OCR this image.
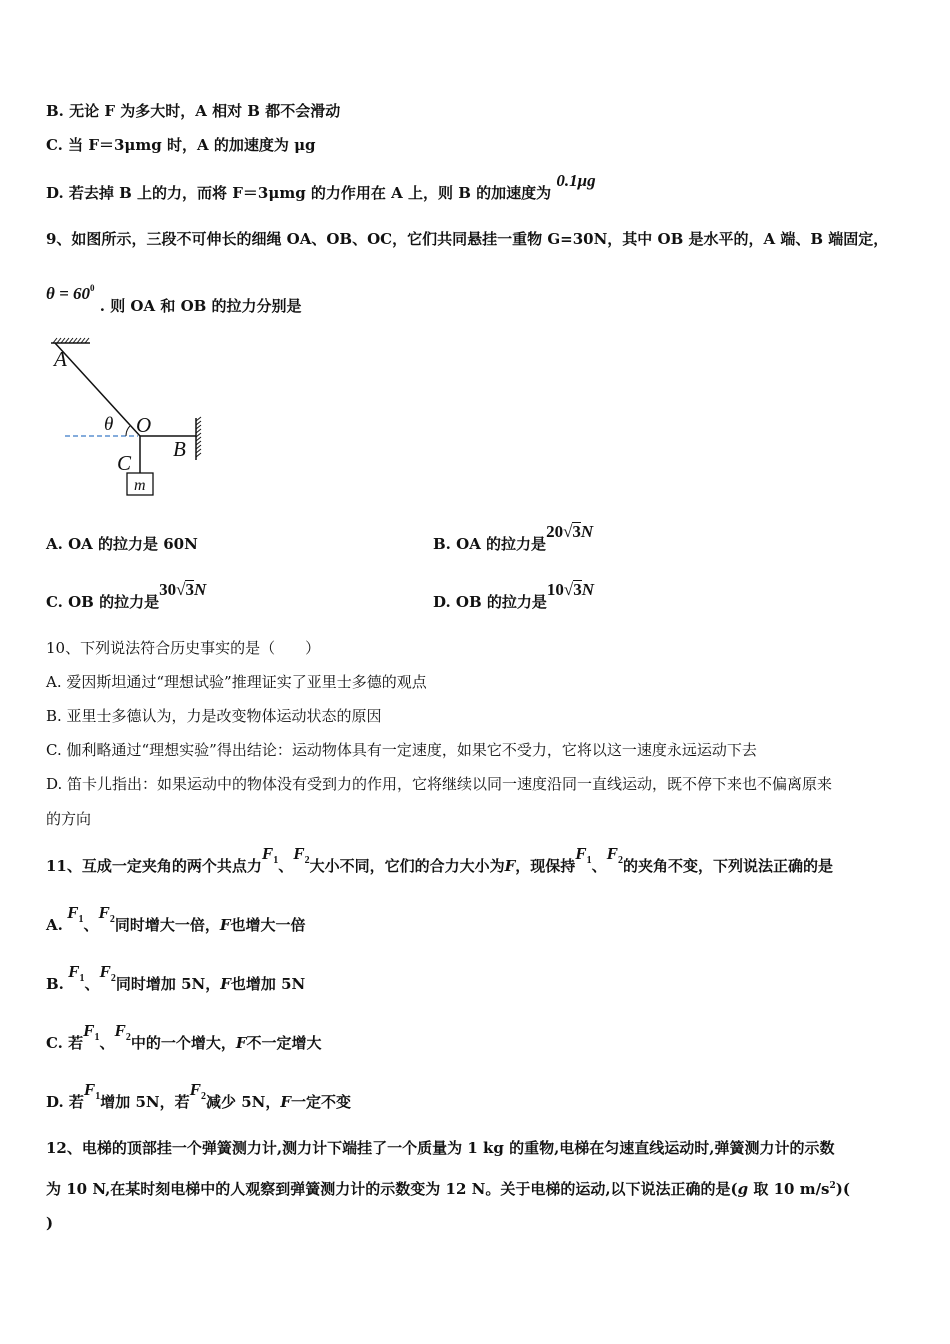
B. 无论 F 为多大时，A 相对 B 都不会滑动
C. 当 F＝3μmg 时，A 的加速度为 μg
D. 若去掉 B 上的力，而将 F＝3μmg 的力作用在 A 上，则 B 的加速度为 0.1μg
9、如图所示，三段不可伸长的细绳 OA、OB、OC，它们共同悬挂一重物 G=30N，其中 OB 是水平的，A 端、B 端固定，
$\theta = 60^0$ . 则 OA 和 OB 的拉力分别是
A
O
B
C
θ
m
A. OA 的拉力是 60N	B. OA 的拉力是20√3N
C. OB 的拉力是30√3N
D. OB 的拉力是10√3N
10、下列说法符合历史事实的是（　　）
A. 爱因斯坦通过“理想试验”推理证实了亚里士多德的观点
B. 亚里士多德认为，力是改变物体运动状态的原因
C. 伽利略通过“理想实验”得出结论：运动物体具有一定速度，如果它不受力，它将以这一速度永远运动下去
D. 笛卡儿指出：如果运动中的物体没有受到力的作用，它将继续以同一速度沿同一直线运动，既不停下来也不偏离原来
的方向
11、互成一定夹角的两个共点力$F_1$、$F_2$大小不同，它们的合力大小为F，现保持$F_1$、$F_2$的夹角不变，下列说法正确的是
A. $F_1$、$F_2$同时增大一倍，F也增大一倍
B. $F_1$、$F_2$同时增加 5N，F也增加 5N
C. 若$F_1$、$F_2$中的一个增大，F不一定增大
D. 若$F_1$增加 5N，若$F_2$减少 5N，F一定不变
12、电梯的顶部挂一个弹簧测力计,测力计下端挂了一个质量为 1 kg 的重物,电梯在匀速直线运动时,弹簧测力计的示数
为 10 N,在某时刻电梯中的人观察到弹簧测力计的示数变为 12 N。关于电梯的运动,以下说法正确的是(g 取 10 $m/s^2$)(
)
